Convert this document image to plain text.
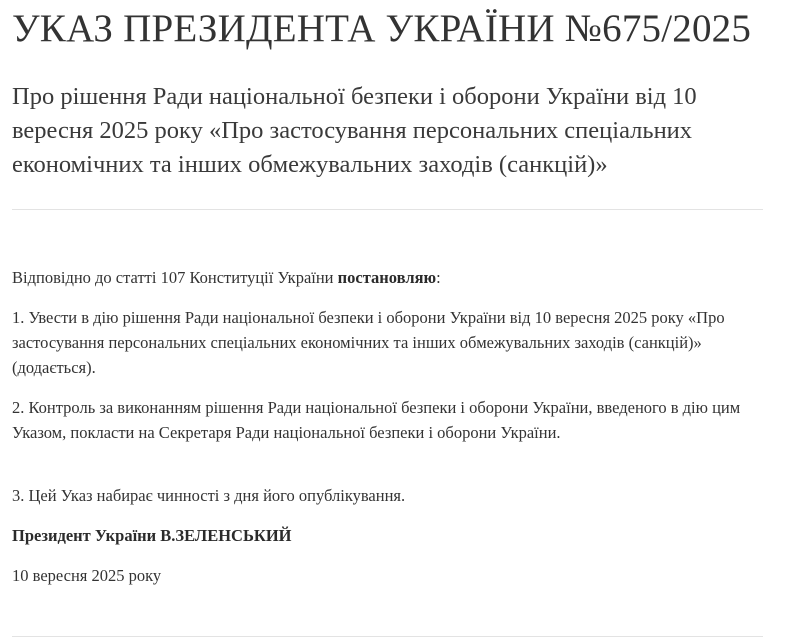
УКАЗ ПРЕЗИДЕНТА УКРАЇНИ №675/2025
Про рішення Ради національної безпеки і оборони України від 10 вересня 2025 року «Про застосування персональних спеціальних економічних та інших обмежувальних заходів (санкцій)»

Відповідно до статті 107 Конституції України постановляю:

1. Увести в дію рішення Ради національної безпеки і оборони України від 10 вересня 2025 року «Про застосування персональних спеціальних економічних та інших обмежувальних заходів (санкцій)» (додається).

2. Контроль за виконанням рішення Ради національної безпеки і оборони України, введеного в дію цим Указом, покласти на Секретаря Ради національної безпеки і оборони України.

3. Цей Указ набирає чинності з дня його опублікування.

Президент України В.ЗЕЛЕНСЬКИЙ

10 вересня 2025 року
